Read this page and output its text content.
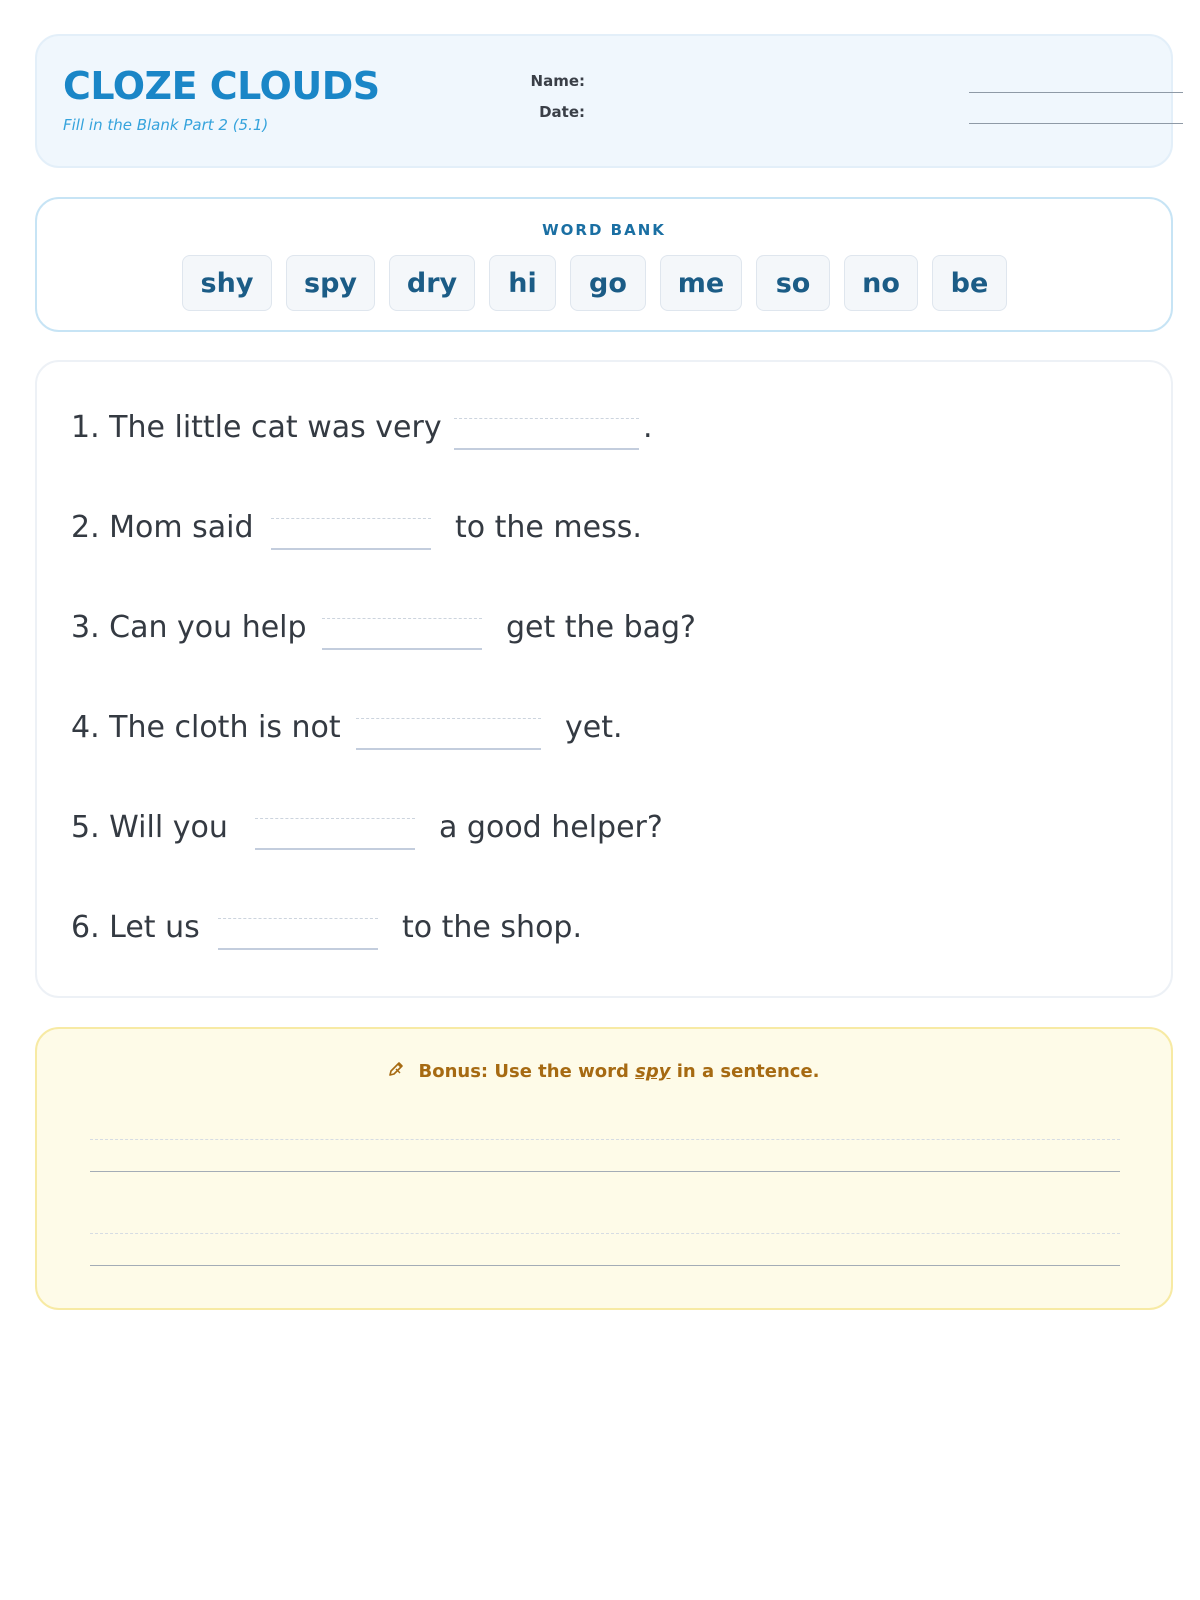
CLOZE CLOUDS
Fill in the Blank Part 2 (5.1)
Name:
Date:
WORD BANK
shy	spy	dry	hi	go	me	so	no	be
1. The little cat was very	.
2. Mom said	to the mess.
3. Can you help	get the bag?
4. The cloth is not	yet.
5. Will you	a good helper?
6. Let us	to the shop.
Bonus: Use the word spy in a sentence.
